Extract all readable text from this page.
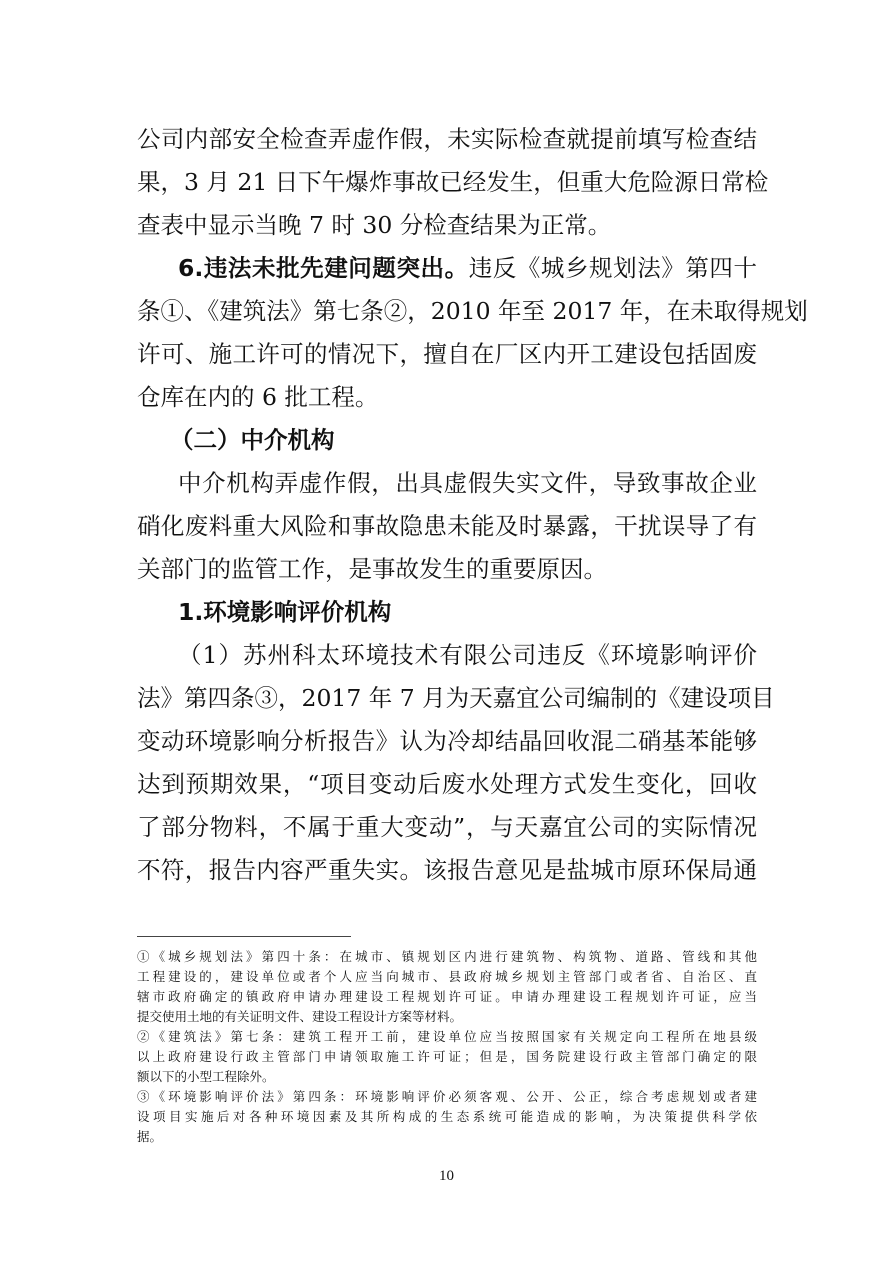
公司内部安全检查弄虚作假，未实际检查就提前填写检查结
果，3 月 21 日下午爆炸事故已经发生，但重大危险源日常检
查表中显示当晚 7 时 30 分检查结果为正常。
6.违法未批先建问题突出。违反《城乡规划法》第四十
条①、《建筑法》第七条②，2010 年至 2017 年，在未取得规划
许可、施工许可的情况下，擅自在厂区内开工建设包括固废
仓库在内的 6 批工程。
（二）中介机构
中介机构弄虚作假，出具虚假失实文件，导致事故企业
硝化废料重大风险和事故隐患未能及时暴露，干扰误导了有
关部门的监管工作，是事故发生的重要原因。
1.环境影响评价机构
（1）苏州科太环境技术有限公司违反《环境影响评价
法》第四条③，2017 年 7 月为天嘉宜公司编制的《建设项目
变动环境影响分析报告》认为冷却结晶回收混二硝基苯能够
达到预期效果，“项目变动后废水处理方式发生变化，回收
了部分物料，不属于重大变动”，与天嘉宜公司的实际情况
不符，报告内容严重失实。该报告意见是盐城市原环保局通
①《城乡规划法》第四十条：在城市、镇规划区内进行建筑物、构筑物、道路、管线和其他
工程建设的，建设单位或者个人应当向城市、县政府城乡规划主管部门或者省、自治区、直
辖市政府确定的镇政府申请办理建设工程规划许可证。申请办理建设工程规划许可证，应当
提交使用土地的有关证明文件、建设工程设计方案等材料。
②《建筑法》第七条：建筑工程开工前，建设单位应当按照国家有关规定向工程所在地县级
以上政府建设行政主管部门申请领取施工许可证；但是，国务院建设行政主管部门确定的限
额以下的小型工程除外。
③《环境影响评价法》第四条：环境影响评价必须客观、公开、公正，综合考虑规划或者建
设项目实施后对各种环境因素及其所构成的生态系统可能造成的影响，为决策提供科学依
据。
10
